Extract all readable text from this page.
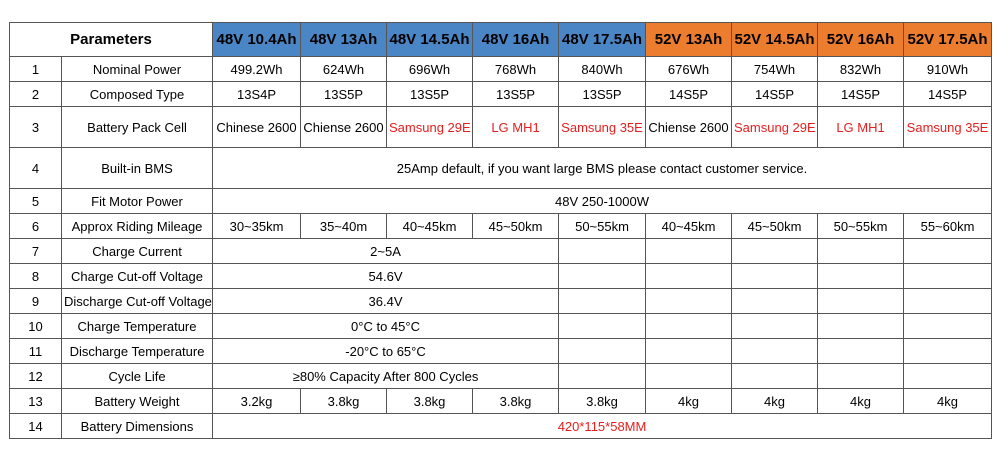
Parameters		48V 10.4Ah	48V 13Ah	48V 14.5Ah	48V 16Ah	48V 17.5Ah	52V 13Ah	52V 14.5Ah	52V 16Ah	52V 17.5Ah
1	Nominal Power	499.2Wh	624Wh	696Wh	768Wh	840Wh	676Wh	754Wh	832Wh	910Wh
2	Composed Type	13S4P	13S5P	13S5P	13S5P	13S5P	14S5P	14S5P	14S5P	14S5P
3	Battery Pack Cell	Chinese 2600	Chiense 2600	Samsung 29E	LG MH1	Samsung 35E	Chiense 2600	Samsung 29E	LG MH1	Samsung 35E
4	Built-in BMS	25Amp default, if you want large BMS please contact customer service.								
5	Fit Motor Power	48V 250-1000W								
6	Approx Riding Mileage	30~35km	35~40m	40~45km	45~50km	50~55km	40~45km	45~50km	50~55km	55~60km
7	Charge Current	2~5A								
8	Charge Cut-off Voltage	54.6V								
9	Discharge Cut-off Voltage	36.4V								
10	Charge Temperature	0°C to 45°C								
11	Discharge Temperature	-20°C to 65°C								
12	Cycle Life	≥80% Capacity After 800 Cycles								
13	Battery Weight	3.2kg	3.8kg	3.8kg	3.8kg	3.8kg	4kg	4kg	4kg	4kg
14	Battery Dimensions	420*115*58MM								
